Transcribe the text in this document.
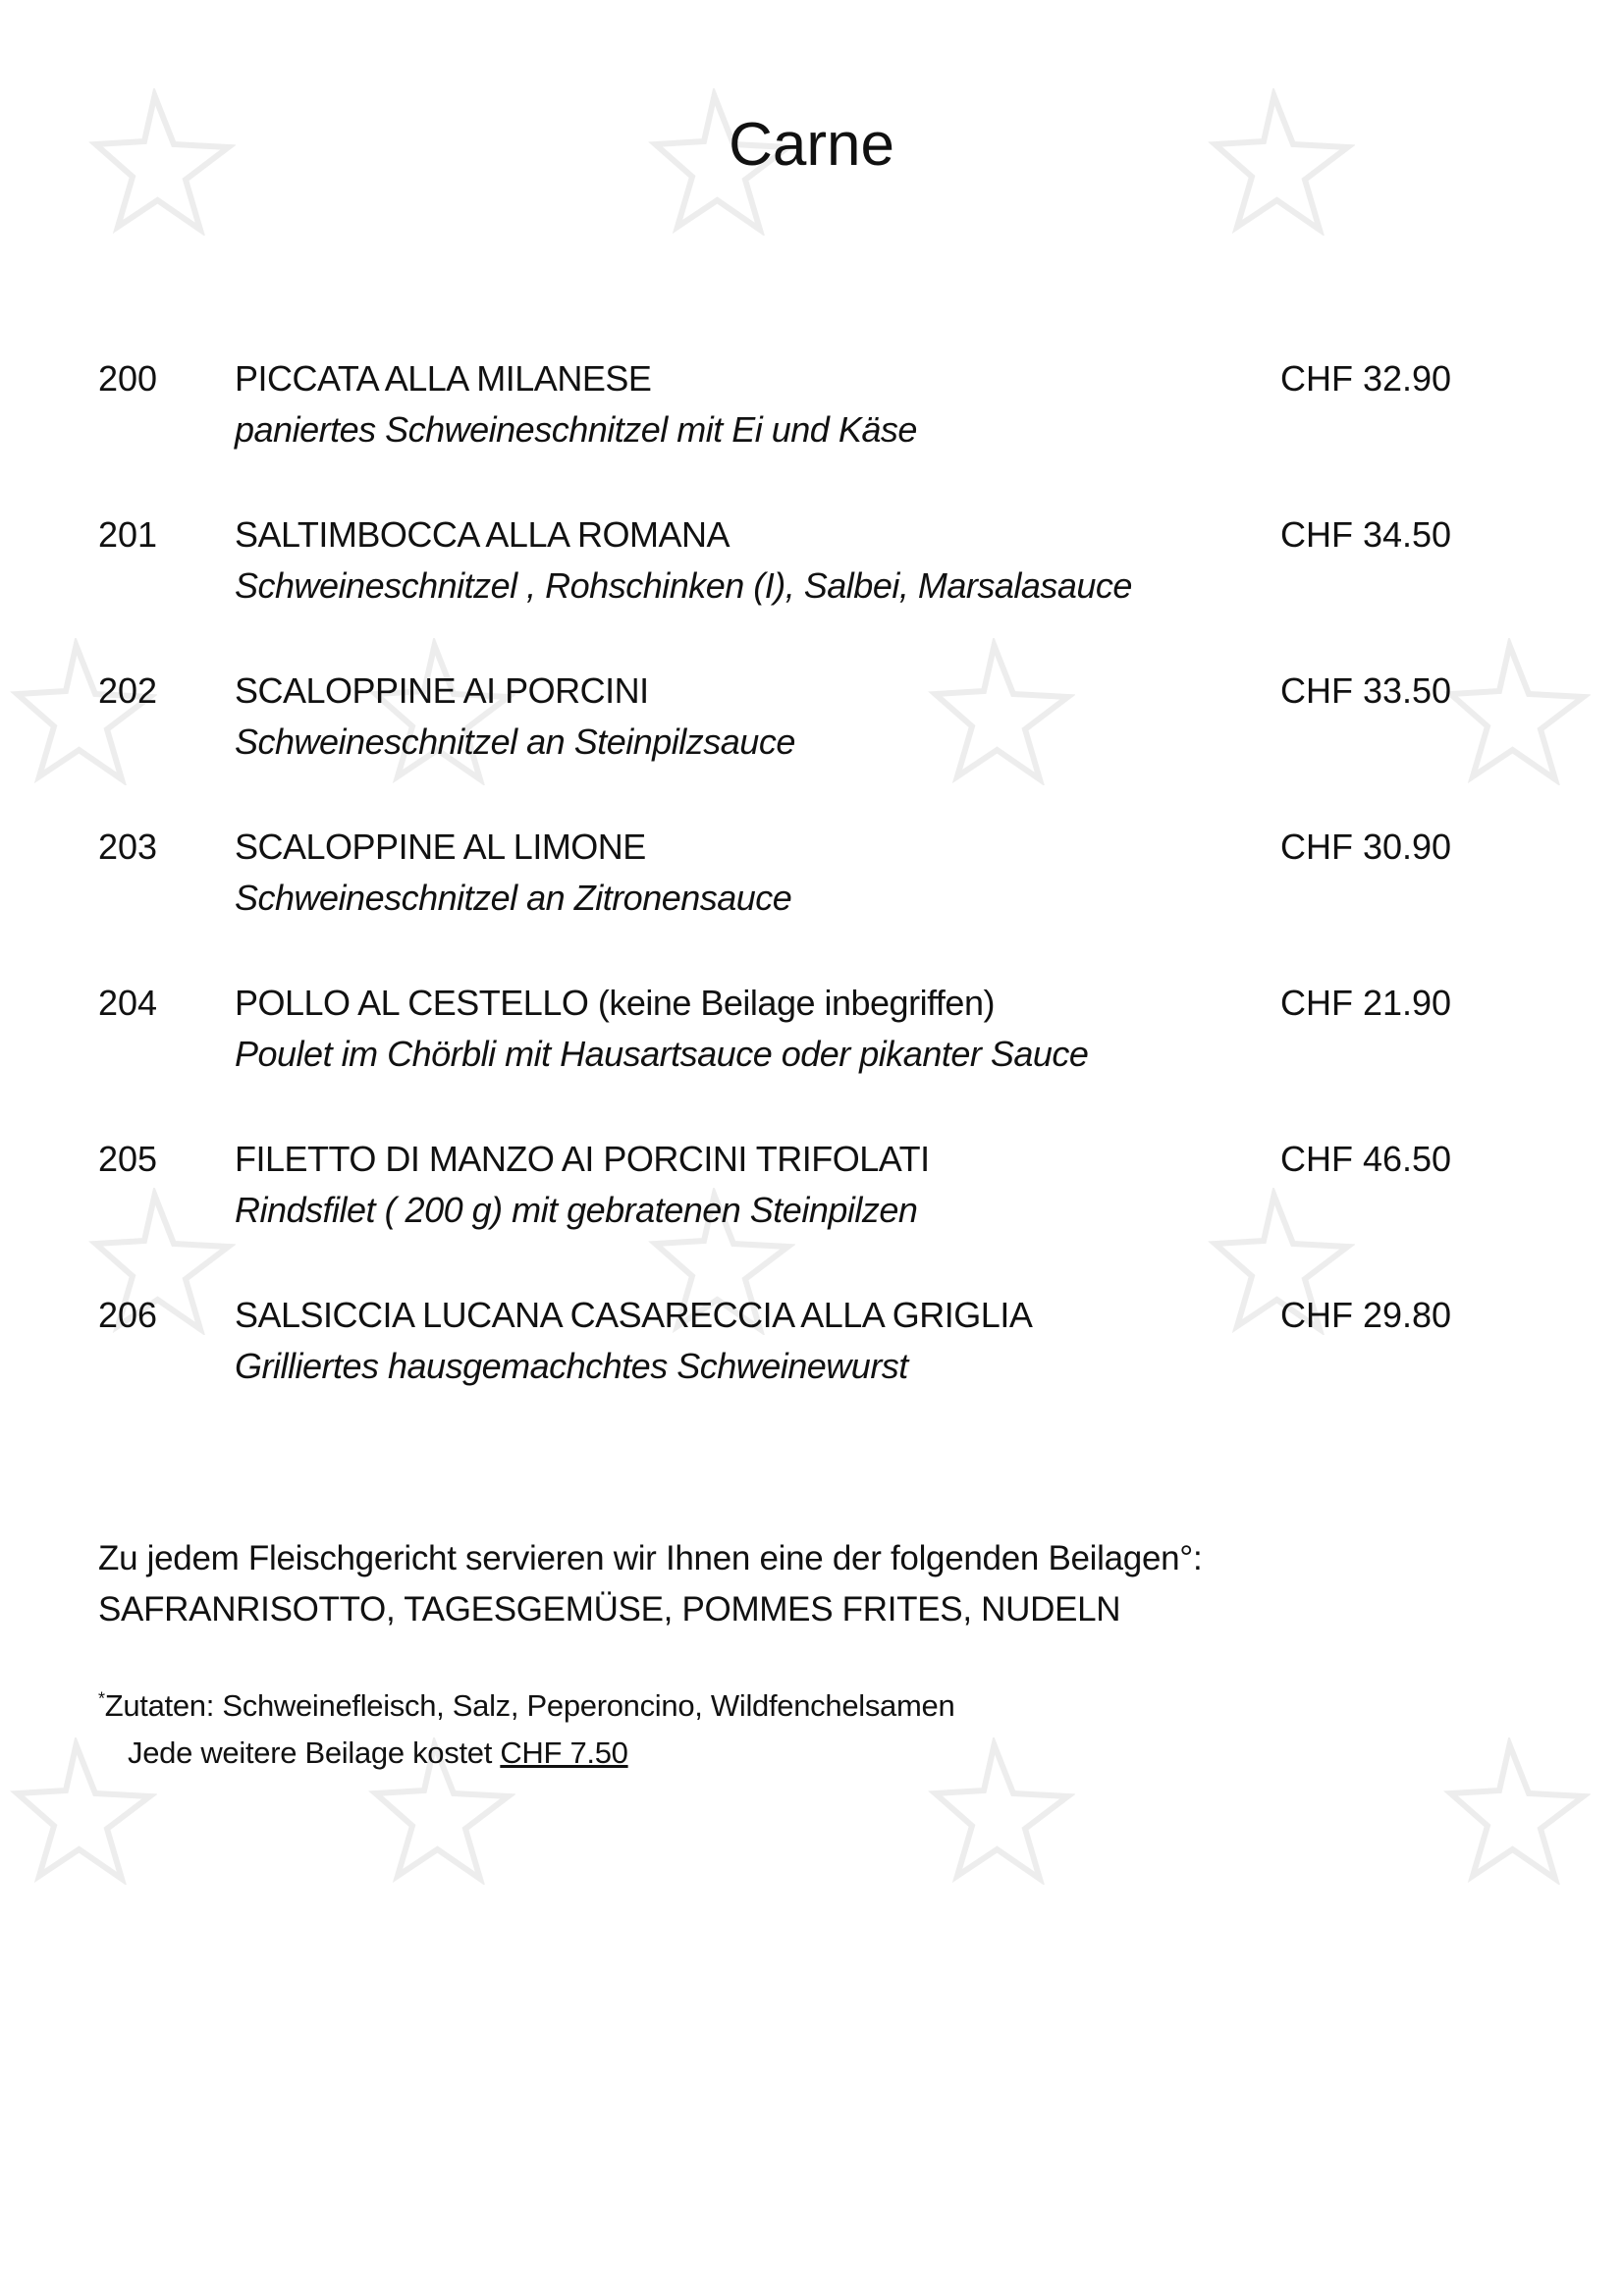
Carne
200 PICCATA ALLA MILANESE	CHF 32.90
paniertes Schweineschnitzel mit Ei und Käse
201 SALTIMBOCCA ALLA ROMANA	CHF 34.50
Schweineschnitzel , Rohschinken (I), Salbei, Marsalasauce
202 SCALOPPINE AI PORCINI	CHF 33.50
Schweineschnitzel an Steinpilzsauce
203 SCALOPPINE AL LIMONE	CHF 30.90
Schweineschnitzel an Zitronensauce
204 POLLO AL CESTELLO (keine Beilage inbegriffen)	CHF 21.90
Poulet im Chörbli mit Hausartsauce oder pikanter Sauce
205 FILETTO DI MANZO AI PORCINI TRIFOLATI	CHF 46.50
Rindsfilet ( 200 g) mit gebratenen Steinpilzen
206 SALSICCIA LUCANA CASARECCIA ALLA GRIGLIA	CHF 29.80
Grilliertes hausgemachchtes Schweinewurst
Zu jedem Fleischgericht servieren wir Ihnen eine der folgenden Beilagen°:
SAFRANRISOTTO, TAGESGEMÜSE, POMMES FRITES, NUDELN
*Zutaten: Schweinefleisch, Salz, Peperoncino, Wildfenchelsamen
Jede weitere Beilage kostet CHF 7.50
